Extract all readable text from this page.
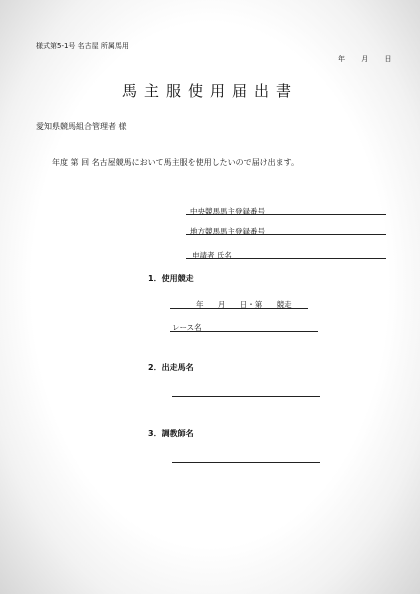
様式第5-1号 名古屋 所属馬用
年 月 日
馬主服使用届出書
愛知県競馬組合管理者 様
年度 第 回 名古屋競馬において馬主服を使用したいので届け出ます。
中央競馬馬主登録番号
地方競馬馬主登録番号
申請者 氏名
1．使用競走
年 月 日・第 競走
レース名
2．出走馬名
3．調教師名
